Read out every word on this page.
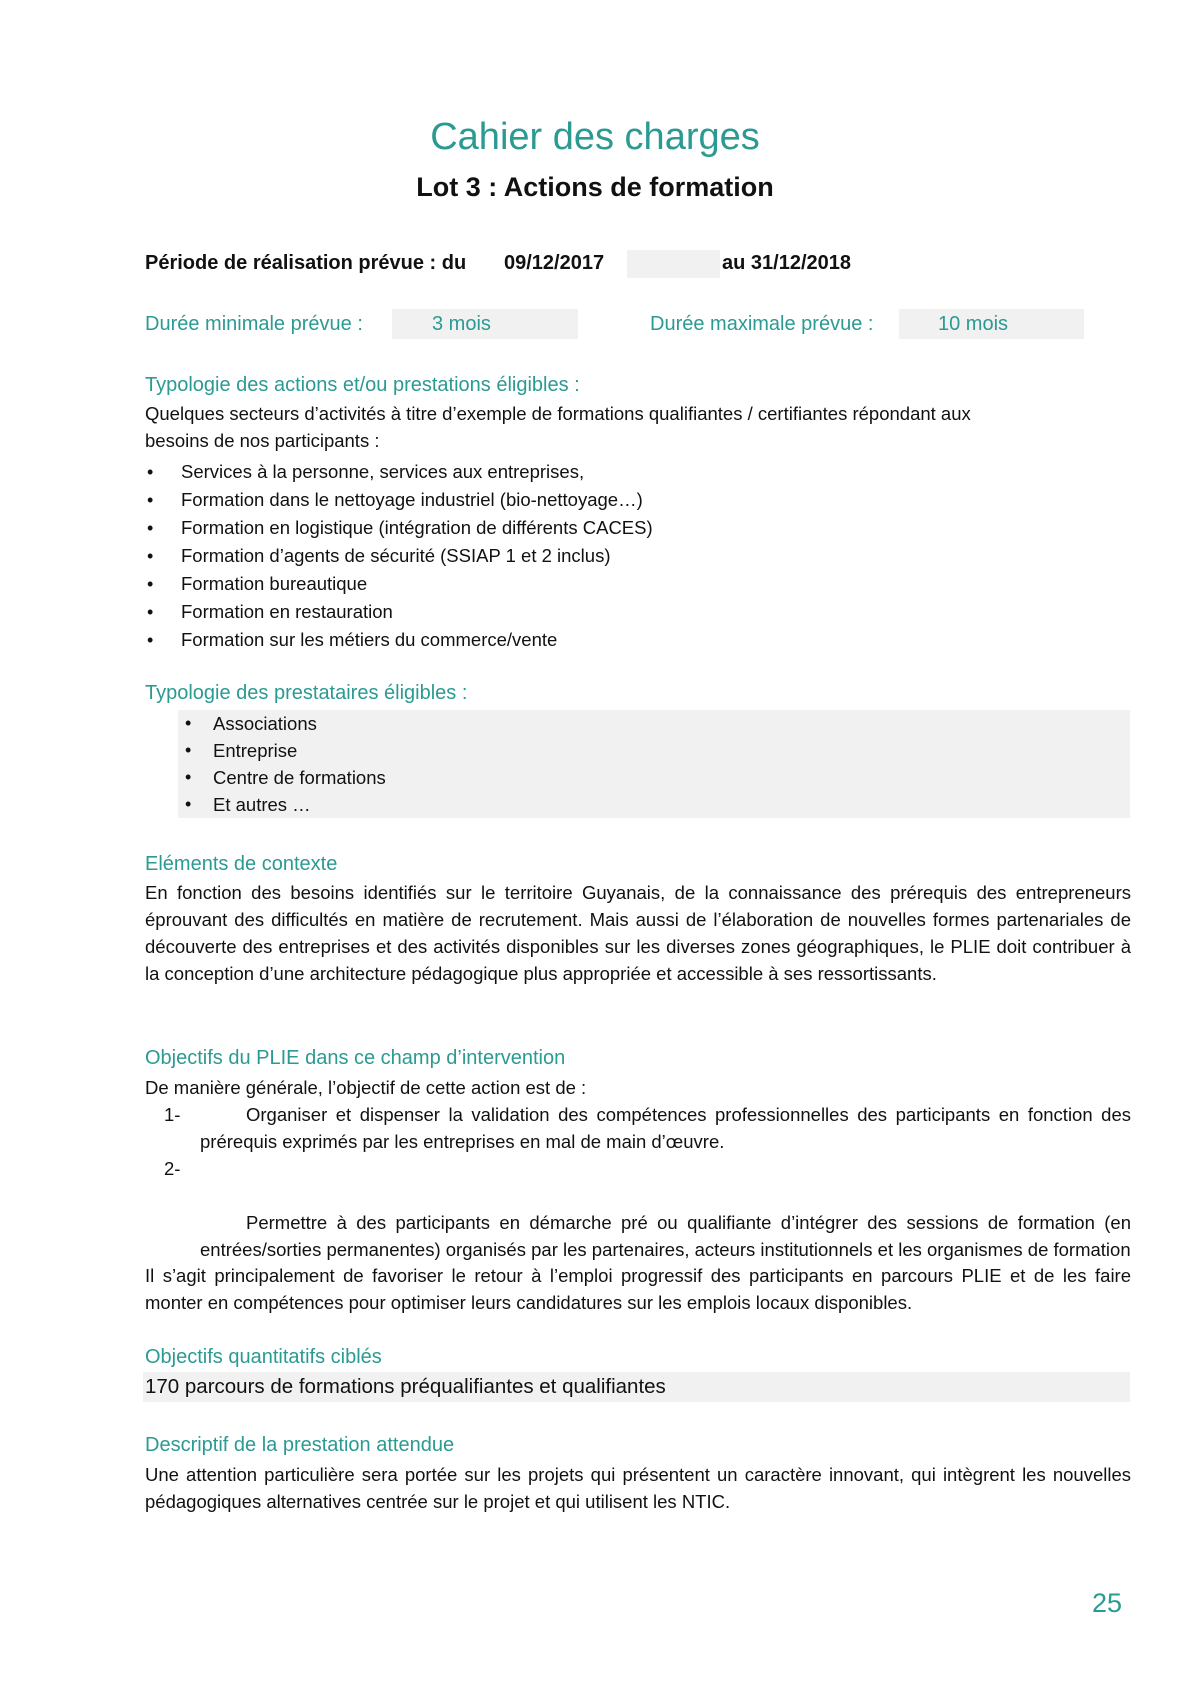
Cahier des charges
Lot 3 : Actions de formation
Période de réalisation prévue : du 09/12/2017	au 31/12/2018
Durée minimale prévue :	3 mois	Durée maximale prévue :	10 mois
Typologie des actions et/ou prestations éligibles :
Quelques secteurs d’activités à titre d’exemple de formations qualifiantes / certifiantes répondant aux
besoins de nos participants :
• Services à la personne, services aux entreprises,
• Formation dans le nettoyage industriel (bio-nettoyage…)
• Formation en logistique (intégration de différents CACES)
• Formation d’agents de sécurité (SSIAP 1 et 2 inclus)
• Formation bureautique
• Formation en restauration
• Formation sur les métiers du commerce/vente
Typologie des prestataires éligibles :
• Associations
• Entreprise
• Centre de formations
• Et autres …
Eléments de contexte
En fonction des besoins identifiés sur le territoire Guyanais, de la connaissance des prérequis des entrepreneurs éprouvant des difficultés en matière de recrutement. Mais aussi de l’élaboration de nouvelles formes partenariales de découverte des entreprises et des activités disponibles sur les diverses zones géographiques, le PLIE doit contribuer à la conception d’une architecture pédagogique plus appropriée et accessible à ses ressortissants.
Objectifs du PLIE dans ce champ d’intervention
De manière générale, l’objectif de cette action est de :
Organiser et dispenser la validation des compétences professionnelles des participants en fonction des prérequis exprimés par les entreprises en mal de main d’œuvre.
1-
Permettre à des participants en démarche pré ou qualifiante d’intégrer des sessions de formation (en entrées/sorties permanentes) organisés par les partenaires, acteurs institutionnels et les organismes de formation
2-
Il s’agit principalement de favoriser le retour à l’emploi progressif des participants en parcours PLIE et de les faire monter en compétences pour optimiser leurs candidatures sur les emplois locaux disponibles.
Objectifs quantitatifs ciblés
170 parcours de formations préqualifiantes et qualifiantes
Descriptif de la prestation attendue
Une attention particulière sera portée sur les projets qui présentent un caractère innovant, qui intègrent les nouvelles pédagogiques alternatives centrée sur le projet et qui utilisent les NTIC.
25
